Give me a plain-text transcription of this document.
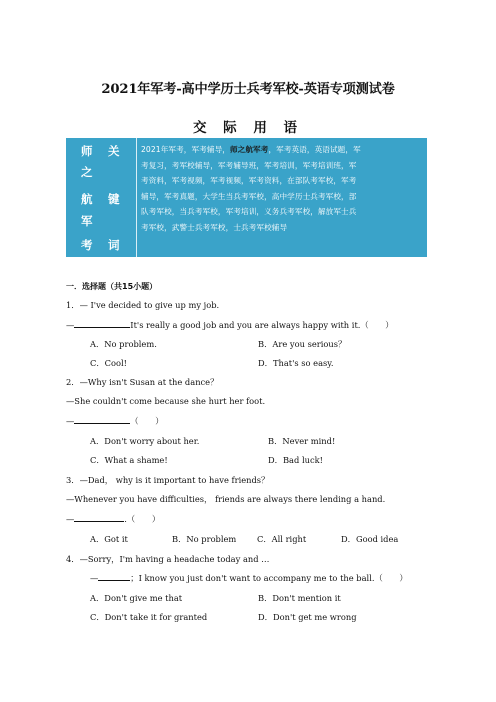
2021年军考-高中学历士兵考军校-英语专项测试卷
交 际 用 语
师 关
之
航 键
军
考 词
2021年军考，军考辅导，师之航军考，军考英语，英语试题，军
考复习，考军校辅导，军考辅导班，军考培训，军考培训班，军
考资料，军考视频，军考视频，军考资料，在部队考军校，军考
辅导，军考真题，大学生当兵考军校，高中学历士兵考军校，部
队考军校，当兵考军校，军考培训，义务兵考军校，解放军士兵
考军校，武警士兵考军校，士兵考军校辅导
一．选择题（共15小题）
1．— I've decided to give up my job.
—	It's really a good job and you are always happy with it.（　　）
A．No problem.	B．Are you serious？
C．Cool!	D．That's so easy.
2．—Why isn't Susan at the dance？
—She couldn't come because she hurt her foot.
—	（　　）
A．Don't worry about her.	B．Never mind!
C．What a shame!	D．Bad luck!
3．—Dad， why is it important to have friends？
—Whenever you have difficulties， friends are always there lending a hand.
—	.（　　）
A．Got it	B．No problem C．All right	D．Good idea
4．—Sorry，I'm having a headache today and …
—	；I know you just don't want to accompany me to the ball.（　　）
A．Don't give me that	B．Don't mention it
C．Don't take it for granted	D．Don't get me wrong
